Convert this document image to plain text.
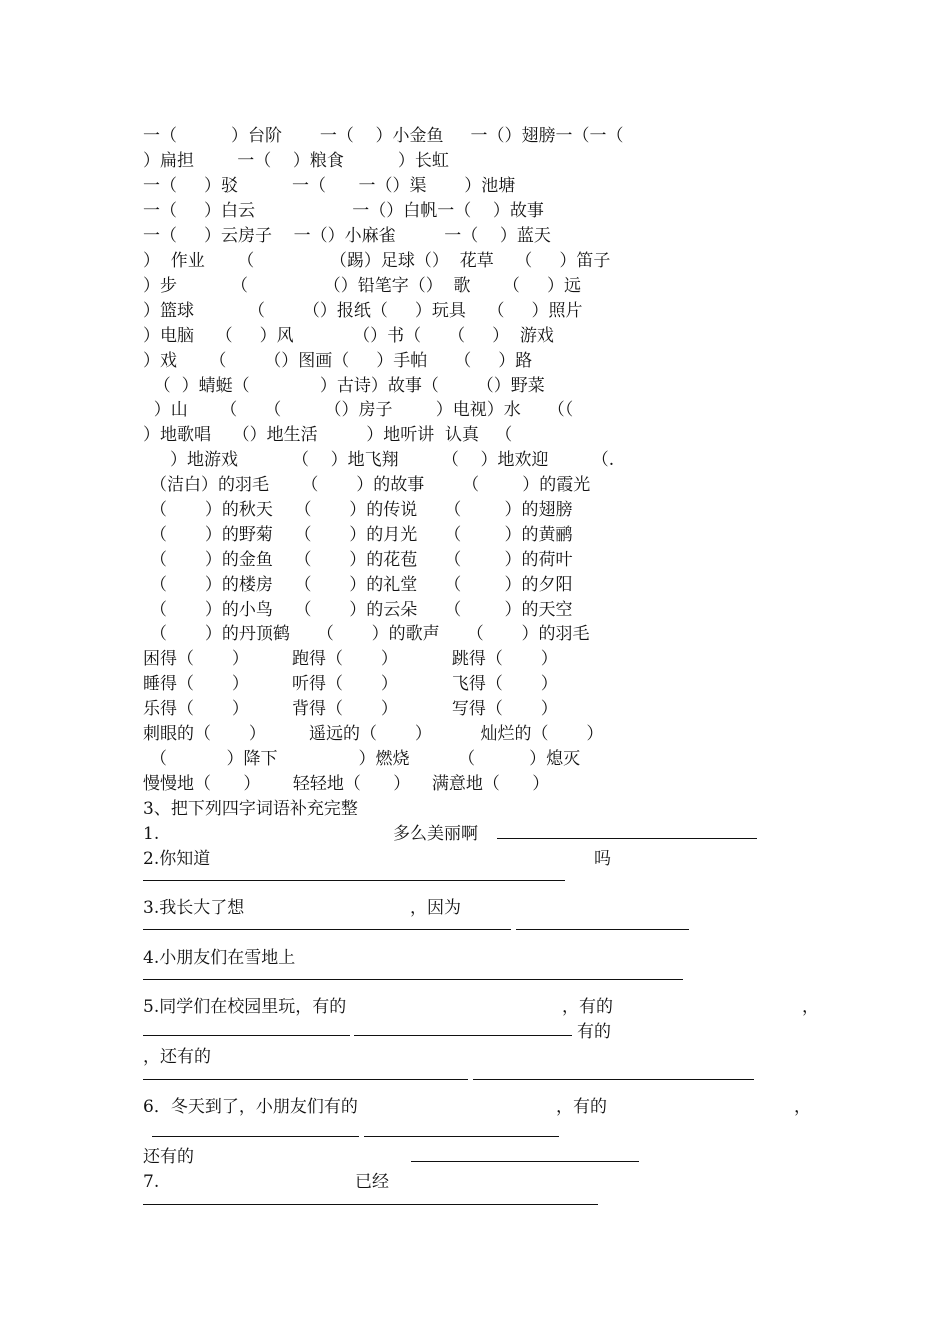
一（          ）台阶       一（    ）小金鱼     一（）翅膀一（一（
）扁担        一（    ）粮食          ）长虹
一（     ）驳          一（      一（）渠       ）池塘
一（     ）白云                  一（）白帆一（    ）故事
一（     ）云房子    一（）小麻雀         一（    ）蓝天
）  作业      （              （踢）足球（）  花草    （     ）笛子
）步          （              （）铅笔字（）  歌      （     ）远
）篮球          （       （）报纸（     ）玩具    （     ）照片
）电脑    （     ）风           （）书（     （     ）  游戏
）戏      （       （）图画（     ）手帕     （     ）路
（  ）蜻蜓（             ）古诗）故事（       （）野菜
）山      （     （        （）房子        ）电视）水     （（
）地歌唱    （）地生活         ）地听讲  认真   （
）地游戏          （    ）地飞翔        （    ）地欢迎        （.
（洁白）的羽毛      （       ）的故事       （        ）的霞光
（       ）的秋天    （       ）的传说     （        ）的翅膀
（       ）的野菊    （       ）的月光     （        ）的黄鹂
（       ）的金鱼    （       ）的花苞     （        ）的荷叶
（       ）的楼房    （       ）的礼堂     （        ）的夕阳
（       ）的小鸟    （       ）的云朵     （        ）的天空
（       ）的丹顶鹤     （       ）的歌声     （       ）的羽毛
困得（       ）        跑得（       ）          跳得（       ）
睡得（       ）        听得（       ）          飞得（       ）
乐得（       ）        背得（       ）          写得（       ）
刺眼的（       ）        遥远的（       ）         灿烂的（       ）
（           ）降下               ）燃烧         （          ）熄灭
慢慢地（      ）      轻轻地（      ）    满意地（      ）
3、把下列四字词语补充完整
1.	多么美丽啊
2.你知道	吗
3.我长大了想	，因为
4.小朋友们在雪地上
5.同学们在校园里玩，有的	，有的	，
有的
，还有的
6．冬天到了，小朋友们有的	，有的	，
还有的
7.	已经
